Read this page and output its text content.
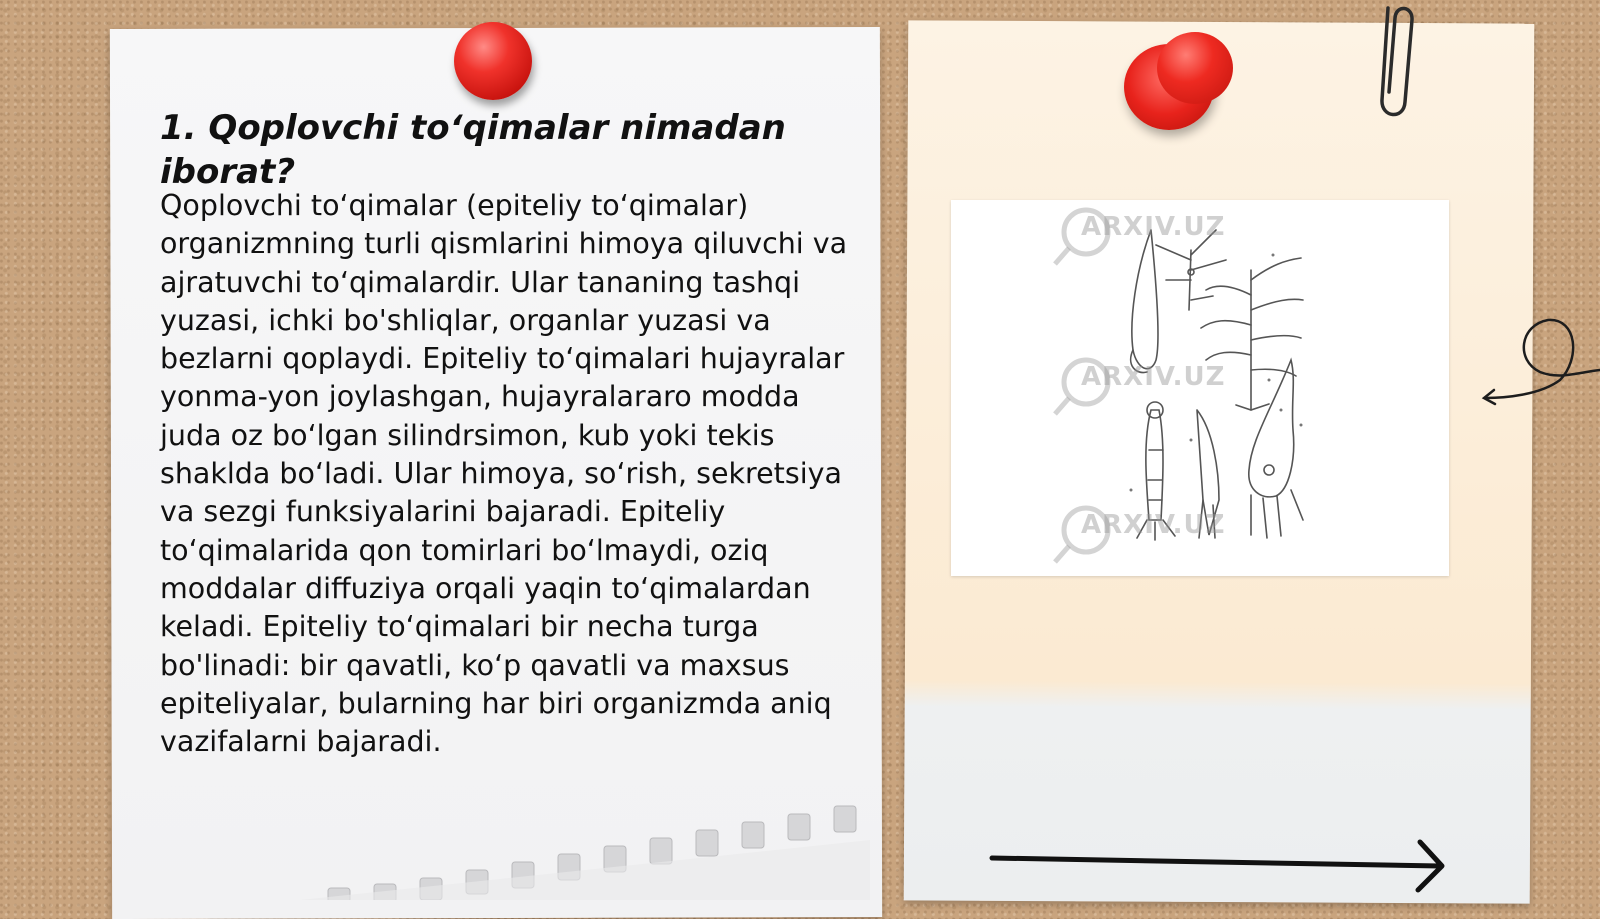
1. Qoplovchi to‘qimalar nimadan iborat?

Qoplovchi to‘qimalar (epiteliy to‘qimalar) organizmning turli qismlarini himoya qiluvchi va ajratuvchi to‘qimalardir. Ular tananing tashqi yuzasi, ichki bo'shliqlar, organlar yuzasi va bezlarni qoplaydi. Epiteliy to‘qimalari hujayralar yonma-yon joylashgan, hujayralararo modda juda oz bo‘lgan silindrsimon, kub yoki tekis shaklda bo‘ladi. Ular himoya, so‘rish, sekretsiya va sezgi funksiyalarini bajaradi. Epiteliy to‘qimalarida qon tomirlari bo‘lmaydi, oziq moddalar diffuziya orqali yaqin to‘qimalardan keladi. Epiteliy to‘qimalari bir necha turga bo'linadi: bir qavatli, ko‘p qavatli va maxsus epiteliyalar, bularning har biri organizmda aniq vazifalarni bajaradi.

ARXIV.UZ
ARXIV.UZ
ARXIV.UZ
